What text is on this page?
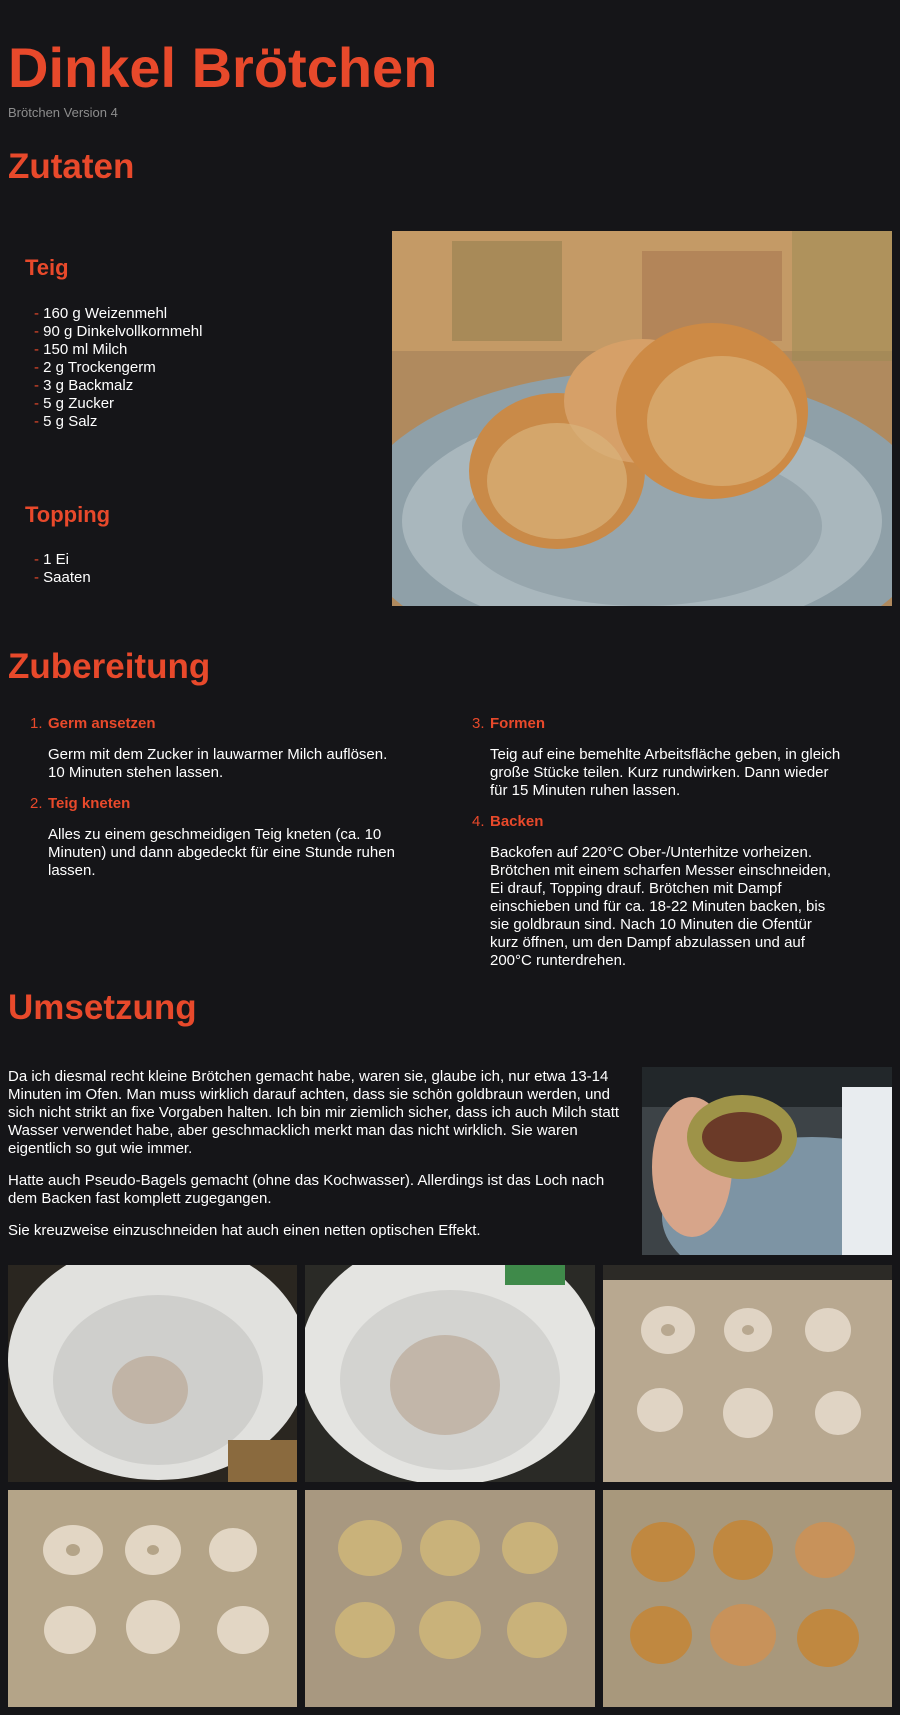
Dinkel Brötchen
Brötchen Version 4
Zutaten
Teig
- 160 g Weizenmehl
- 90 g Dinkelvollkornmehl
- 150 ml Milch
- 2 g Trockengerm
- 3 g Backmalz
- 5 g Zucker
- 5 g Salz
Topping
- 1 Ei
- Saaten
Zubereitung
1. Germ ansetzen
Germ mit dem Zucker in lauwarmer Milch auflösen. 10 Minuten stehen lassen.
2. Teig kneten
Alles zu einem geschmeidigen Teig kneten (ca. 10 Minuten) und dann abgedeckt für eine Stunde ruhen lassen.
3. Formen
Teig auf eine bemehlte Arbeitsfläche geben, in gleich große Stücke teilen. Kurz rundwirken. Dann wieder für 15 Minuten ruhen lassen.
4. Backen
Backofen auf 220°C Ober-/Unterhitze vorheizen. Brötchen mit einem scharfen Messer einschneiden, Ei drauf, Topping drauf. Brötchen mit Dampf einschieben und für ca. 18-22 Minuten backen, bis sie goldbraun sind. Nach 10 Minuten die Ofentür kurz öffnen, um den Dampf abzulassen und auf 200°C runterdrehen.
Umsetzung

Da ich diesmal recht kleine Brötchen gemacht habe, waren sie, glaube ich, nur etwa 13-14 Minuten im Ofen. Man muss wirklich darauf achten, dass sie schön goldbraun werden, und sich nicht strikt an fixe Vorgaben halten. Ich bin mir ziemlich sicher, dass ich auch Milch statt Wasser verwendet habe, aber geschmacklich merkt man das nicht wirklich. Sie waren eigentlich so gut wie immer.

Hatte auch Pseudo-Bagels gemacht (ohne das Kochwasser). Allerdings ist das Loch nach dem Backen fast komplett zugegangen.

Sie kreuzweise einzuschneiden hat auch einen netten optischen Effekt.
